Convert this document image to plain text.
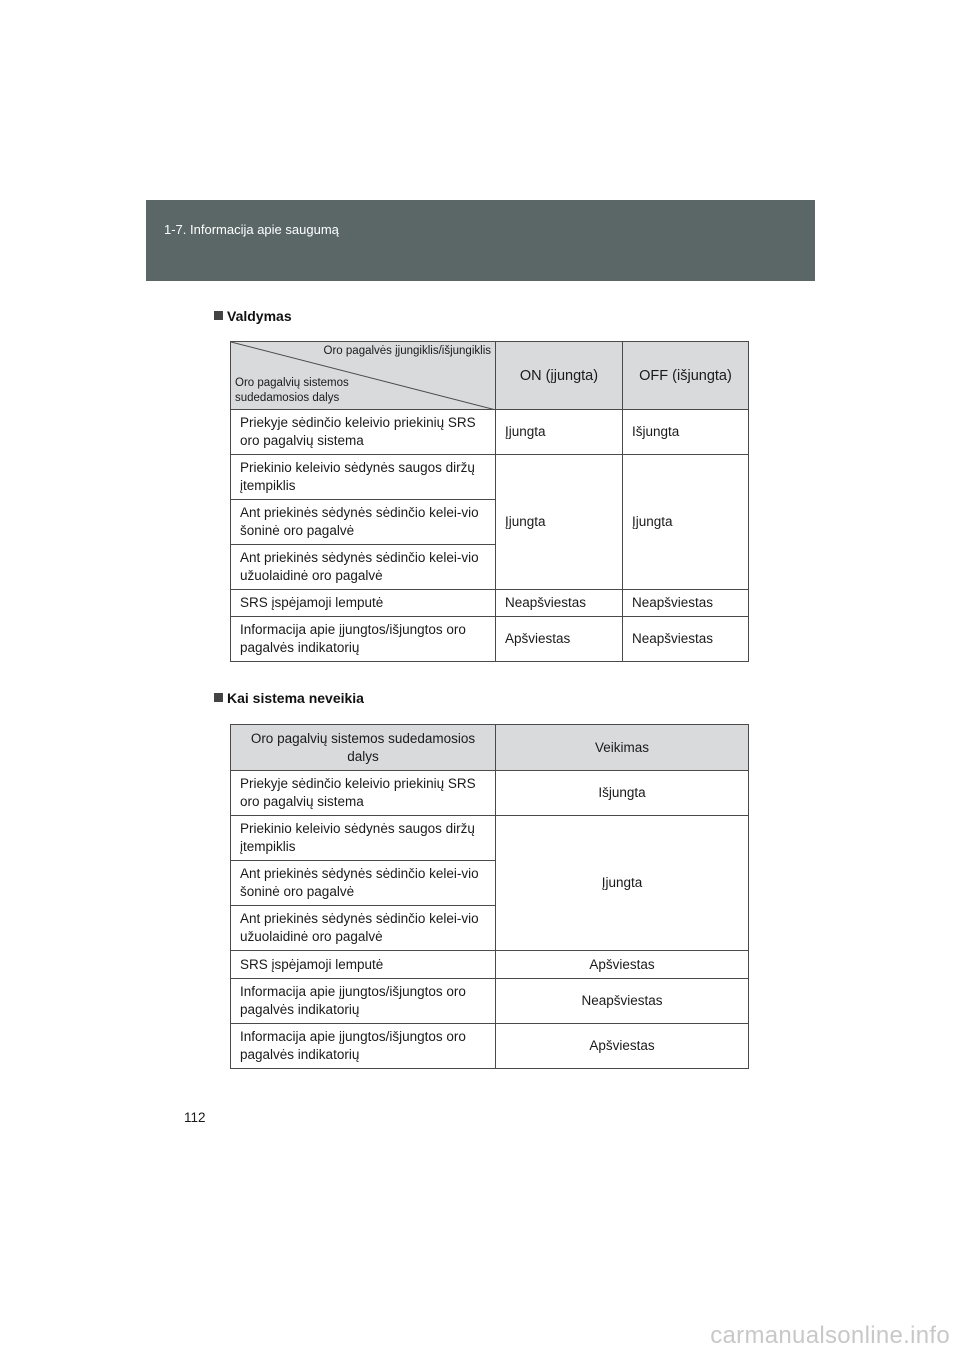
1-7. Informacija apie saugumą
Valdymas
Oro pagalvės įjungiklis/išjungiklis
Oro pagalvių sistemos sudedamosios dalys	ON (įjungta)	OFF (išjungta)
Priekyje sėdinčio keleivio priekinių SRS oro pagalvių sistema	Įjungta	Išjungta
Priekinio keleivio sėdynės saugos diržų įtempiklis	Įjungta	Įjungta
Ant priekinės sėdynės sėdinčio kelei-vio šoninė oro pagalvė		
Ant priekinės sėdynės sėdinčio kelei-vio užuolaidinė oro pagalvė		
SRS įspėjamoji lemputė	Neapšviestas	Neapšviestas
Informacija apie įjungtos/išjungtos oro pagalvės indikatorių	Apšviestas	Neapšviestas
Kai sistema neveikia
Oro pagalvių sistemos sudedamosios dalys	Veikimas
Priekyje sėdinčio keleivio priekinių SRS oro pagalvių sistema	Išjungta
Priekinio keleivio sėdynės saugos diržų įtempiklis	Įjungta
Ant priekinės sėdynės sėdinčio kelei-vio šoninė oro pagalvė	
Ant priekinės sėdynės sėdinčio kelei-vio užuolaidinė oro pagalvė	
SRS įspėjamoji lemputė	Apšviestas
Informacija apie įjungtos/išjungtos oro pagalvės indikatorių	Neapšviestas
Informacija apie įjungtos/išjungtos oro pagalvės indikatorių	Apšviestas
112
carmanualsonline.info
